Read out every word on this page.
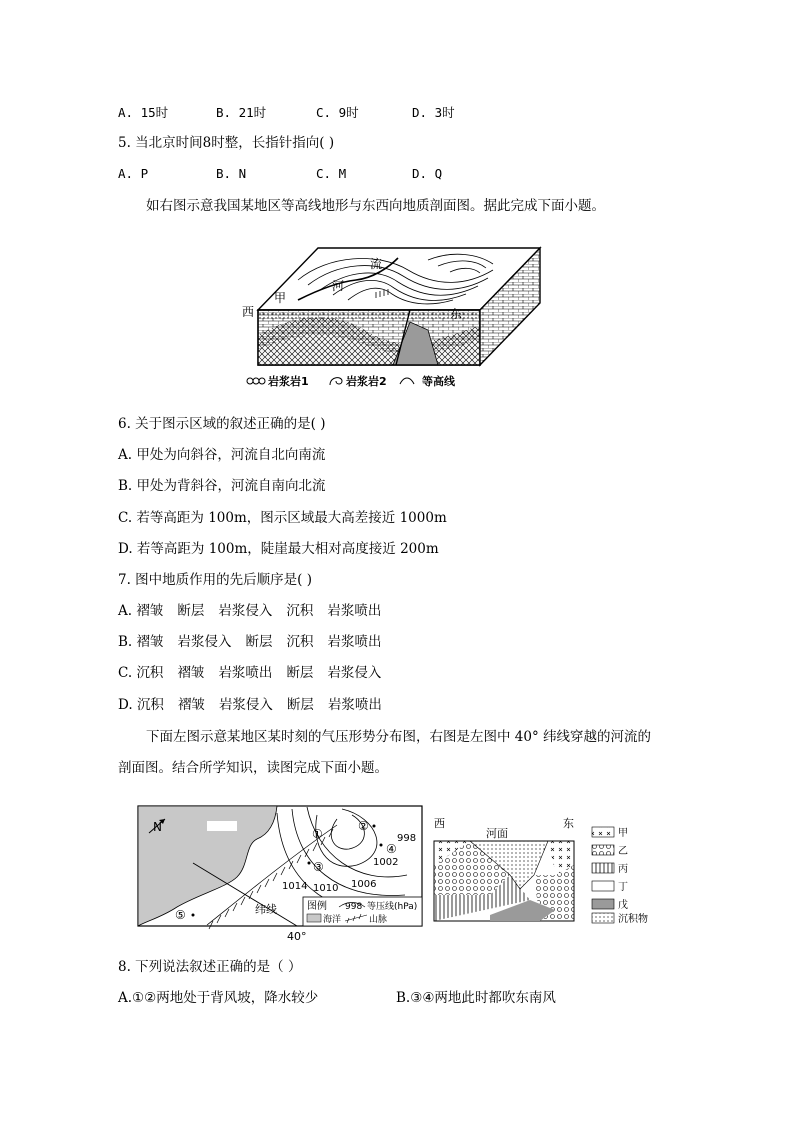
A. 15时	B. 21时	C. 9时	D. 3时
5. 当北京时间8时整，长指针指向( )
A. P	B. N	C. M	D. Q
如右图示意我国某地区等高线地形与东西向地质剖面图。据此完成下面小题。
西	东
甲
河
流
岩浆岩1	岩浆岩2	等高线
6. 关于图示区域的叙述正确的是( )
A. 甲处为向斜谷，河流自北向南流
B. 甲处为背斜谷，河流自南向北流
C. 若等高距为 100m，图示区域最大高差接近 1000m
D. 若等高距为 100m，陡崖最大相对高度接近 200m
7. 图中地质作用的先后顺序是( )
A. 褶皱 断层 岩浆侵入 沉积 岩浆喷出
B. 褶皱 岩浆侵入 断层 沉积 岩浆喷出
C. 沉积 褶皱 岩浆喷出 断层 岩浆侵入
D. 沉积 褶皱 岩浆侵入 断层 岩浆喷出
下面左图示意某地区某时刻的气压形势分布图，右图是左图中 40° 纬线穿越的河流的
剖面图。结合所学知识，读图完成下面小题。
N
998
1002
1006
1010
1014
①
②
③
④
⑤	纬线
40°
图例 998 等压线(hPa)
海洋	山脉
西	东
河面	甲
乙
丙
丁
戊
沉积物
8. 下列说法叙述正确的是（ ）
A.①②两地处于背风坡，降水较少	B.③④两地此时都吹东南风
